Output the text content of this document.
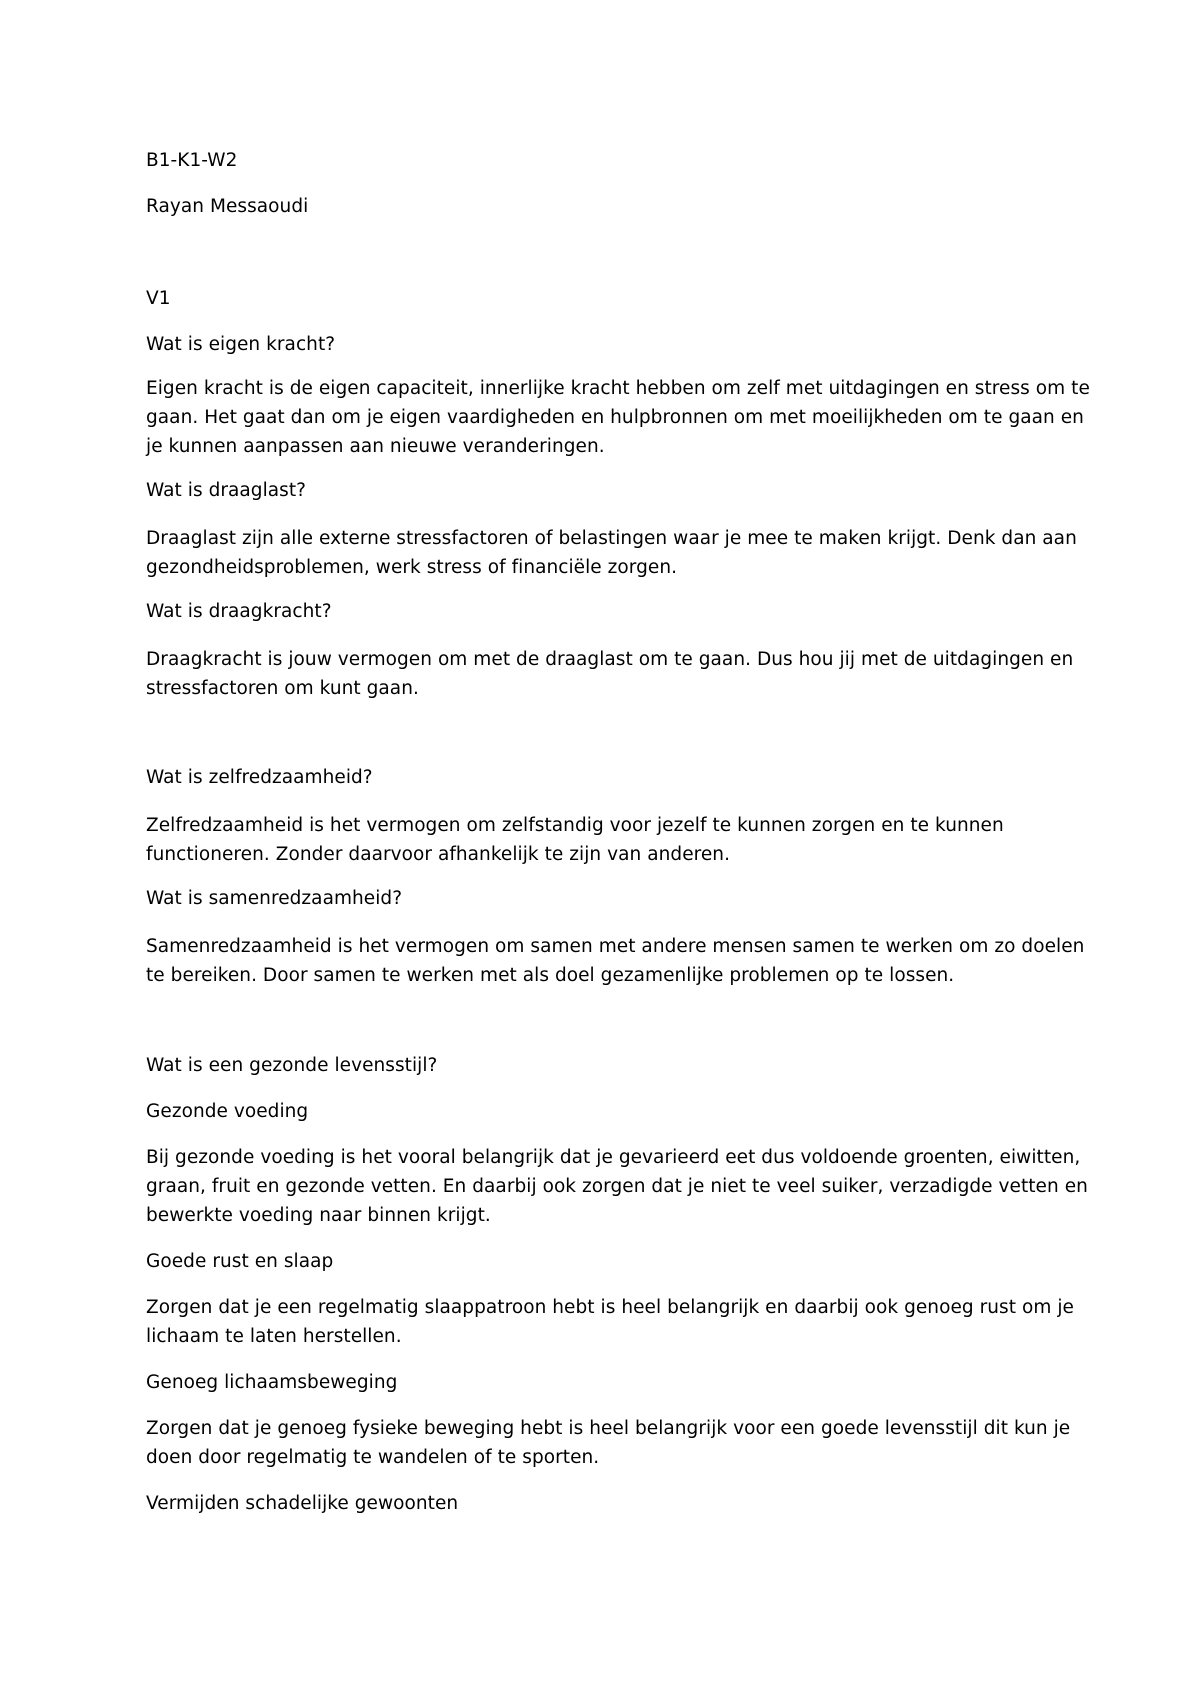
B1-K1-W2
Rayan Messaoudi
V1
Wat is eigen kracht?
Eigen kracht is de eigen capaciteit, innerlijke kracht hebben om zelf met uitdagingen en stress om te
gaan. Het gaat dan om je eigen vaardigheden en hulpbronnen om met moeilijkheden om te gaan en
je kunnen aanpassen aan nieuwe veranderingen.
Wat is draaglast?
Draaglast zijn alle externe stressfactoren of belastingen waar je mee te maken krijgt. Denk dan aan
gezondheidsproblemen, werk stress of financiële zorgen.
Wat is draagkracht?
Draagkracht is jouw vermogen om met de draaglast om te gaan. Dus hou jij met de uitdagingen en
stressfactoren om kunt gaan.
Wat is zelfredzaamheid?
Zelfredzaamheid is het vermogen om zelfstandig voor jezelf te kunnen zorgen en te kunnen
functioneren. Zonder daarvoor afhankelijk te zijn van anderen.
Wat is samenredzaamheid?
Samenredzaamheid is het vermogen om samen met andere mensen samen te werken om zo doelen
te bereiken. Door samen te werken met als doel gezamenlijke problemen op te lossen.
Wat is een gezonde levensstijl?
Gezonde voeding
Bij gezonde voeding is het vooral belangrijk dat je gevarieerd eet dus voldoende groenten, eiwitten,
graan, fruit en gezonde vetten. En daarbij ook zorgen dat je niet te veel suiker, verzadigde vetten en
bewerkte voeding naar binnen krijgt.
Goede rust en slaap
Zorgen dat je een regelmatig slaappatroon hebt is heel belangrijk en daarbij ook genoeg rust om je
lichaam te laten herstellen.
Genoeg lichaamsbeweging
Zorgen dat je genoeg fysieke beweging hebt is heel belangrijk voor een goede levensstijl dit kun je
doen door regelmatig te wandelen of te sporten.
Vermijden schadelijke gewoonten
